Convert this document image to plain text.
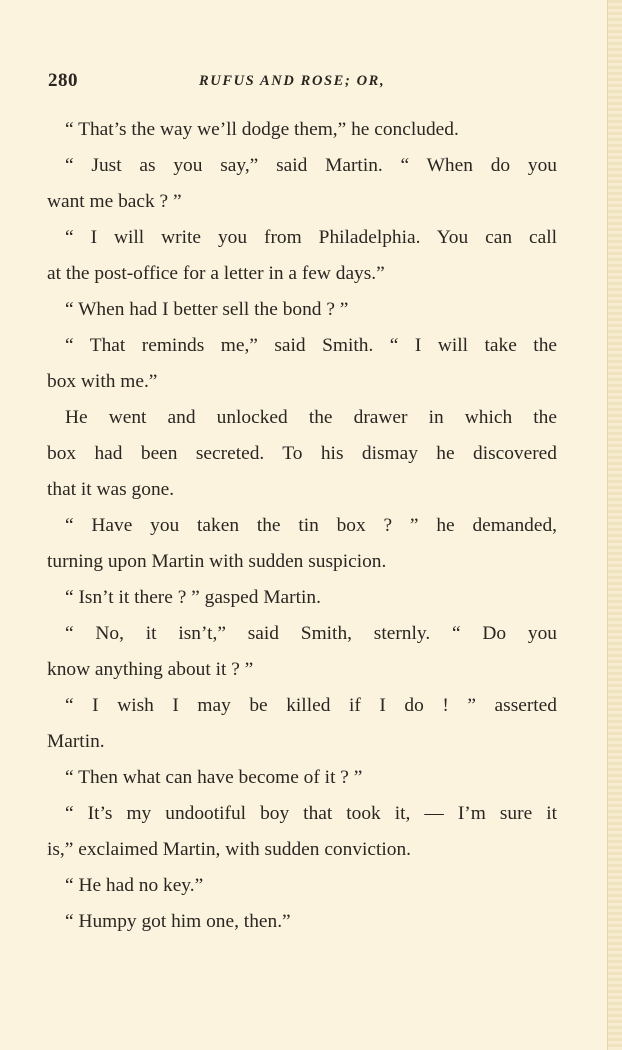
280	RUFUS AND ROSE; OR,

“ That’s the way we’ll dodge them,” he concluded.

“ Just as you say,” said Martin. “ When do you
want me back ? ”

“ I will write you from Philadelphia. You can call
at the post-office for a letter in a few days.”

“ When had I better sell the bond ? ”

“ That reminds me,” said Smith. “ I will take the
box with me.”

He went and unlocked the drawer in which the
box had been secreted. To his dismay he discovered
that it was gone.

“ Have you taken the tin box ? ” he demanded,
turning upon Martin with sudden suspicion.

“ Isn’t it there ? ” gasped Martin.

“ No, it isn’t,” said Smith, sternly. “ Do you
know anything about it ? ”

“ I wish I may be killed if I do ! ” asserted
Martin.

“ Then what can have become of it ? ”

“ It’s my undootiful boy that took it, — I’m sure it
is,” exclaimed Martin, with sudden conviction.

“ He had no key.”

“ Humpy got him one, then.”
